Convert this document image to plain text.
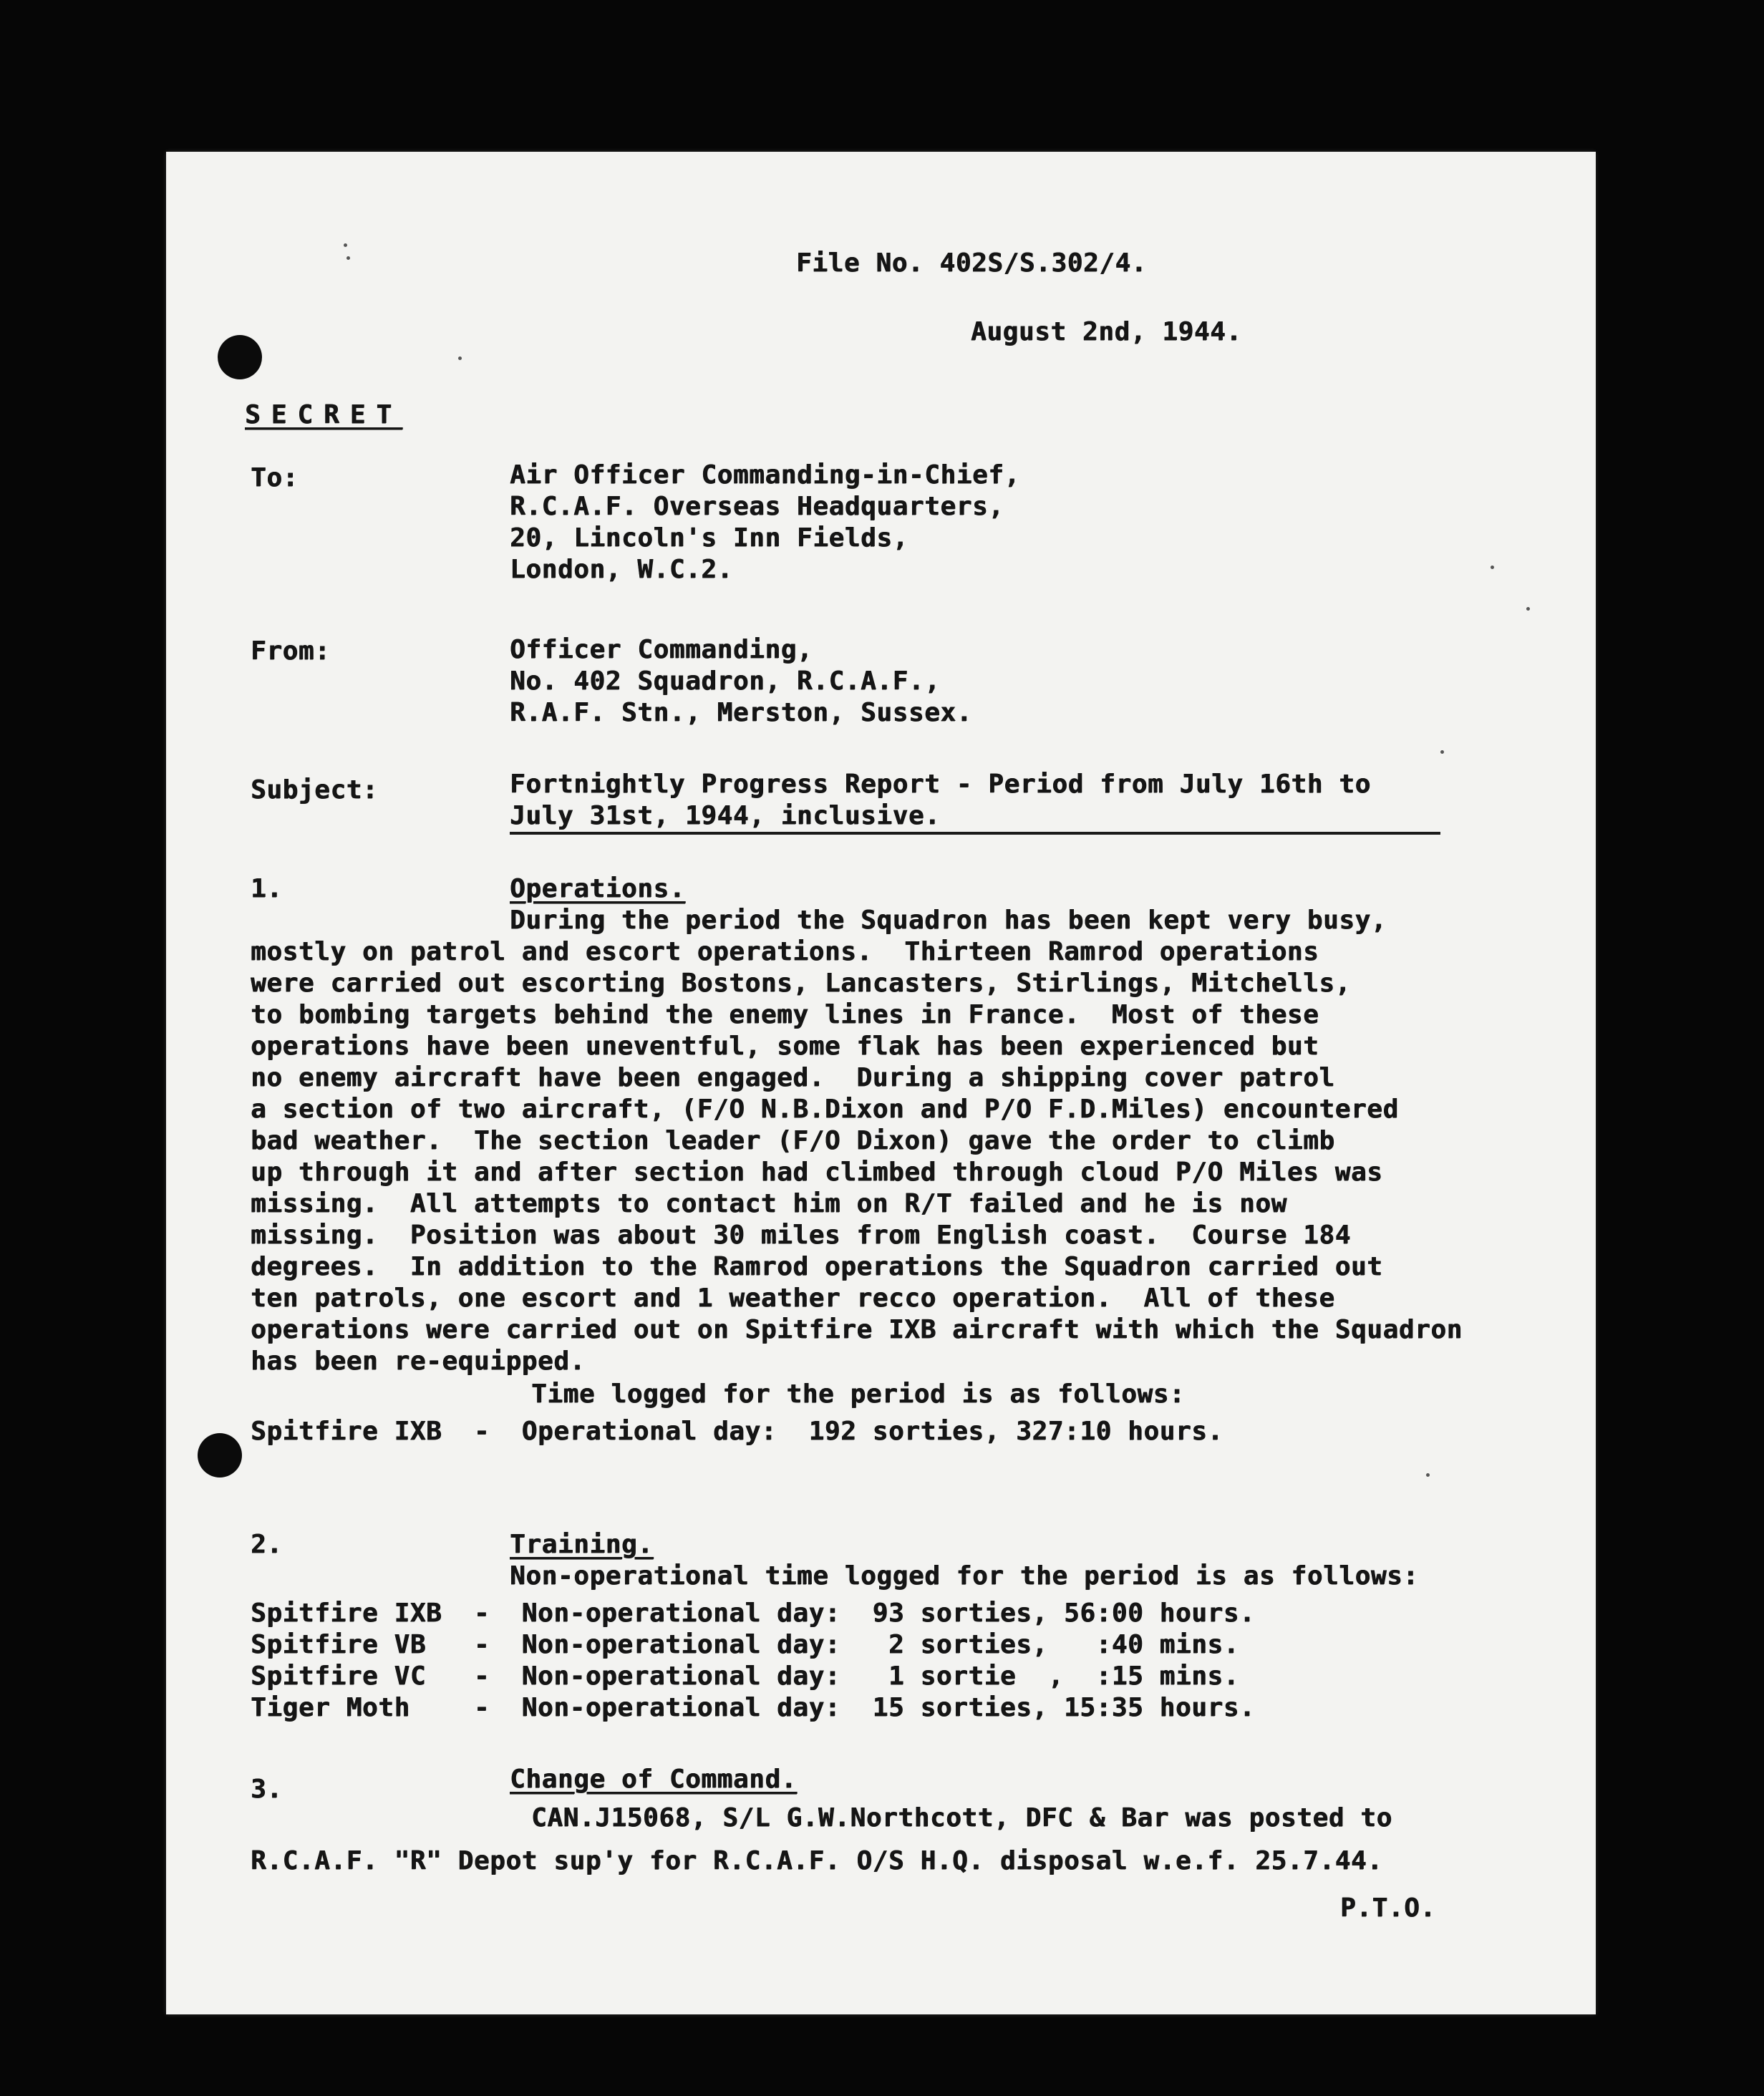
File No. 402S/S.302/4.
August 2nd, 1944.
SECRET
To:	Air Officer Commanding-in-Chief,
R.C.A.F. Overseas Headquarters,
20, Lincoln's Inn Fields,
London, W.C.2.
From:	Officer Commanding,
No. 402 Squadron, R.C.A.F.,
R.A.F. Stn., Merston, Sussex.
Subject:	Fortnightly Progress Report - Period from July 16th to
July 31st, 1944, inclusive.
1.	Operations.
During the period the Squadron has been kept very busy,
mostly on patrol and escort operations.  Thirteen Ramrod operations
were carried out escorting Bostons, Lancasters, Stirlings, Mitchells,
to bombing targets behind the enemy lines in France.  Most of these
operations have been uneventful, some flak has been experienced but
no enemy aircraft have been engaged.  During a shipping cover patrol
a section of two aircraft, (F/O N.B.Dixon and P/O F.D.Miles) encountered
bad weather.  The section leader (F/O Dixon) gave the order to climb
up through it and after section had climbed through cloud P/O Miles was
missing.  All attempts to contact him on R/T failed and he is now
missing.  Position was about 30 miles from English coast.  Course 184
degrees.  In addition to the Ramrod operations the Squadron carried out
ten patrols, one escort and 1 weather recco operation.  All of these
operations were carried out on Spitfire IXB aircraft with which the Squadron
has been re-equipped.
Time logged for the period is as follows:
Spitfire IXB  -  Operational day:  192 sorties, 327:10 hours.
2.	Training.
Non-operational time logged for the period is as follows:
Spitfire IXB  -  Non-operational day:  93 sorties, 56:00 hours.
Spitfire VB   -  Non-operational day:   2 sorties,   :40 mins.
Spitfire VC   -  Non-operational day:   1 sortie  ,  :15 mins.
Tiger Moth    -  Non-operational day:  15 sorties, 15:35 hours.
3.	Change of Command.
CAN.J15068, S/L G.W.Northcott, DFC & Bar was posted to
R.C.A.F. "R" Depot sup'y for R.C.A.F. O/S H.Q. disposal w.e.f. 25.7.44.
P.T.O.
